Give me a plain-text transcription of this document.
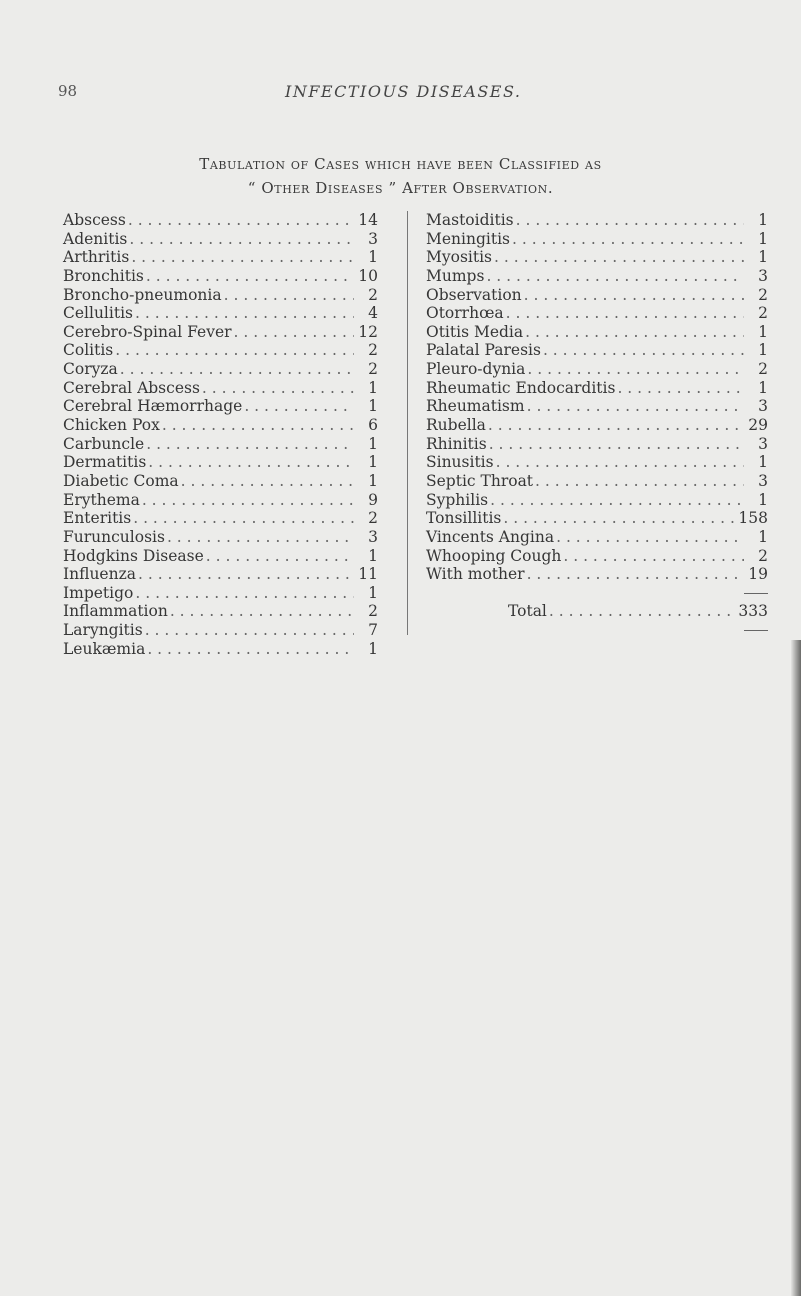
98	INFECTIOUS DISEASES.
Tabulation of Cases which have been Classified as
“ Other Diseases ” After Observation.
Abscess . . .	14
Adenitis . . .	3
Arthritis . . .	1
Bronchitis . . .	10
Broncho-pneumonia . . .	2
Cellulitis . . .	4
Cerebro-Spinal Fever . . .	12
Colitis . . .	2
Coryza . . .	2
Cerebral Abscess . . .	1
Cerebral Hæmorrhage . . .	1
Chicken Pox . . .	6
Carbuncle . . .	1
Dermatitis . . .	1
Diabetic Coma . . .	1
Erythema . . .	9
Enteritis . . .	2
Furunculosis . . .	3
Hodgkins Disease . . .	1
Influenza . . .	11
Impetigo . . .	1
Inflammation . . .	2
Laryngitis . . .	7
Leukæmia . . .	1
Mastoiditis . . .	1
Meningitis . . .	1
Myositis . . .	1
Mumps . . .	3
Observation . . .	2
Otorrhœa . . .	2
Otitis Media . . .	1
Palatal Paresis . . .	1
Pleuro-dynia . . .	2
Rheumatic Endocarditis . . .	1
Rheumatism . . .	3
Rubella . . .	29
Rhinitis . . .	3
Sinusitis . . .	1
Septic Throat . . .	3
Syphilis . . .	1
Tonsillitis . . .	158
Vincents Angina . . .	1
Whooping Cough . . .	2
With mother . . .	19
Total . . .	333
